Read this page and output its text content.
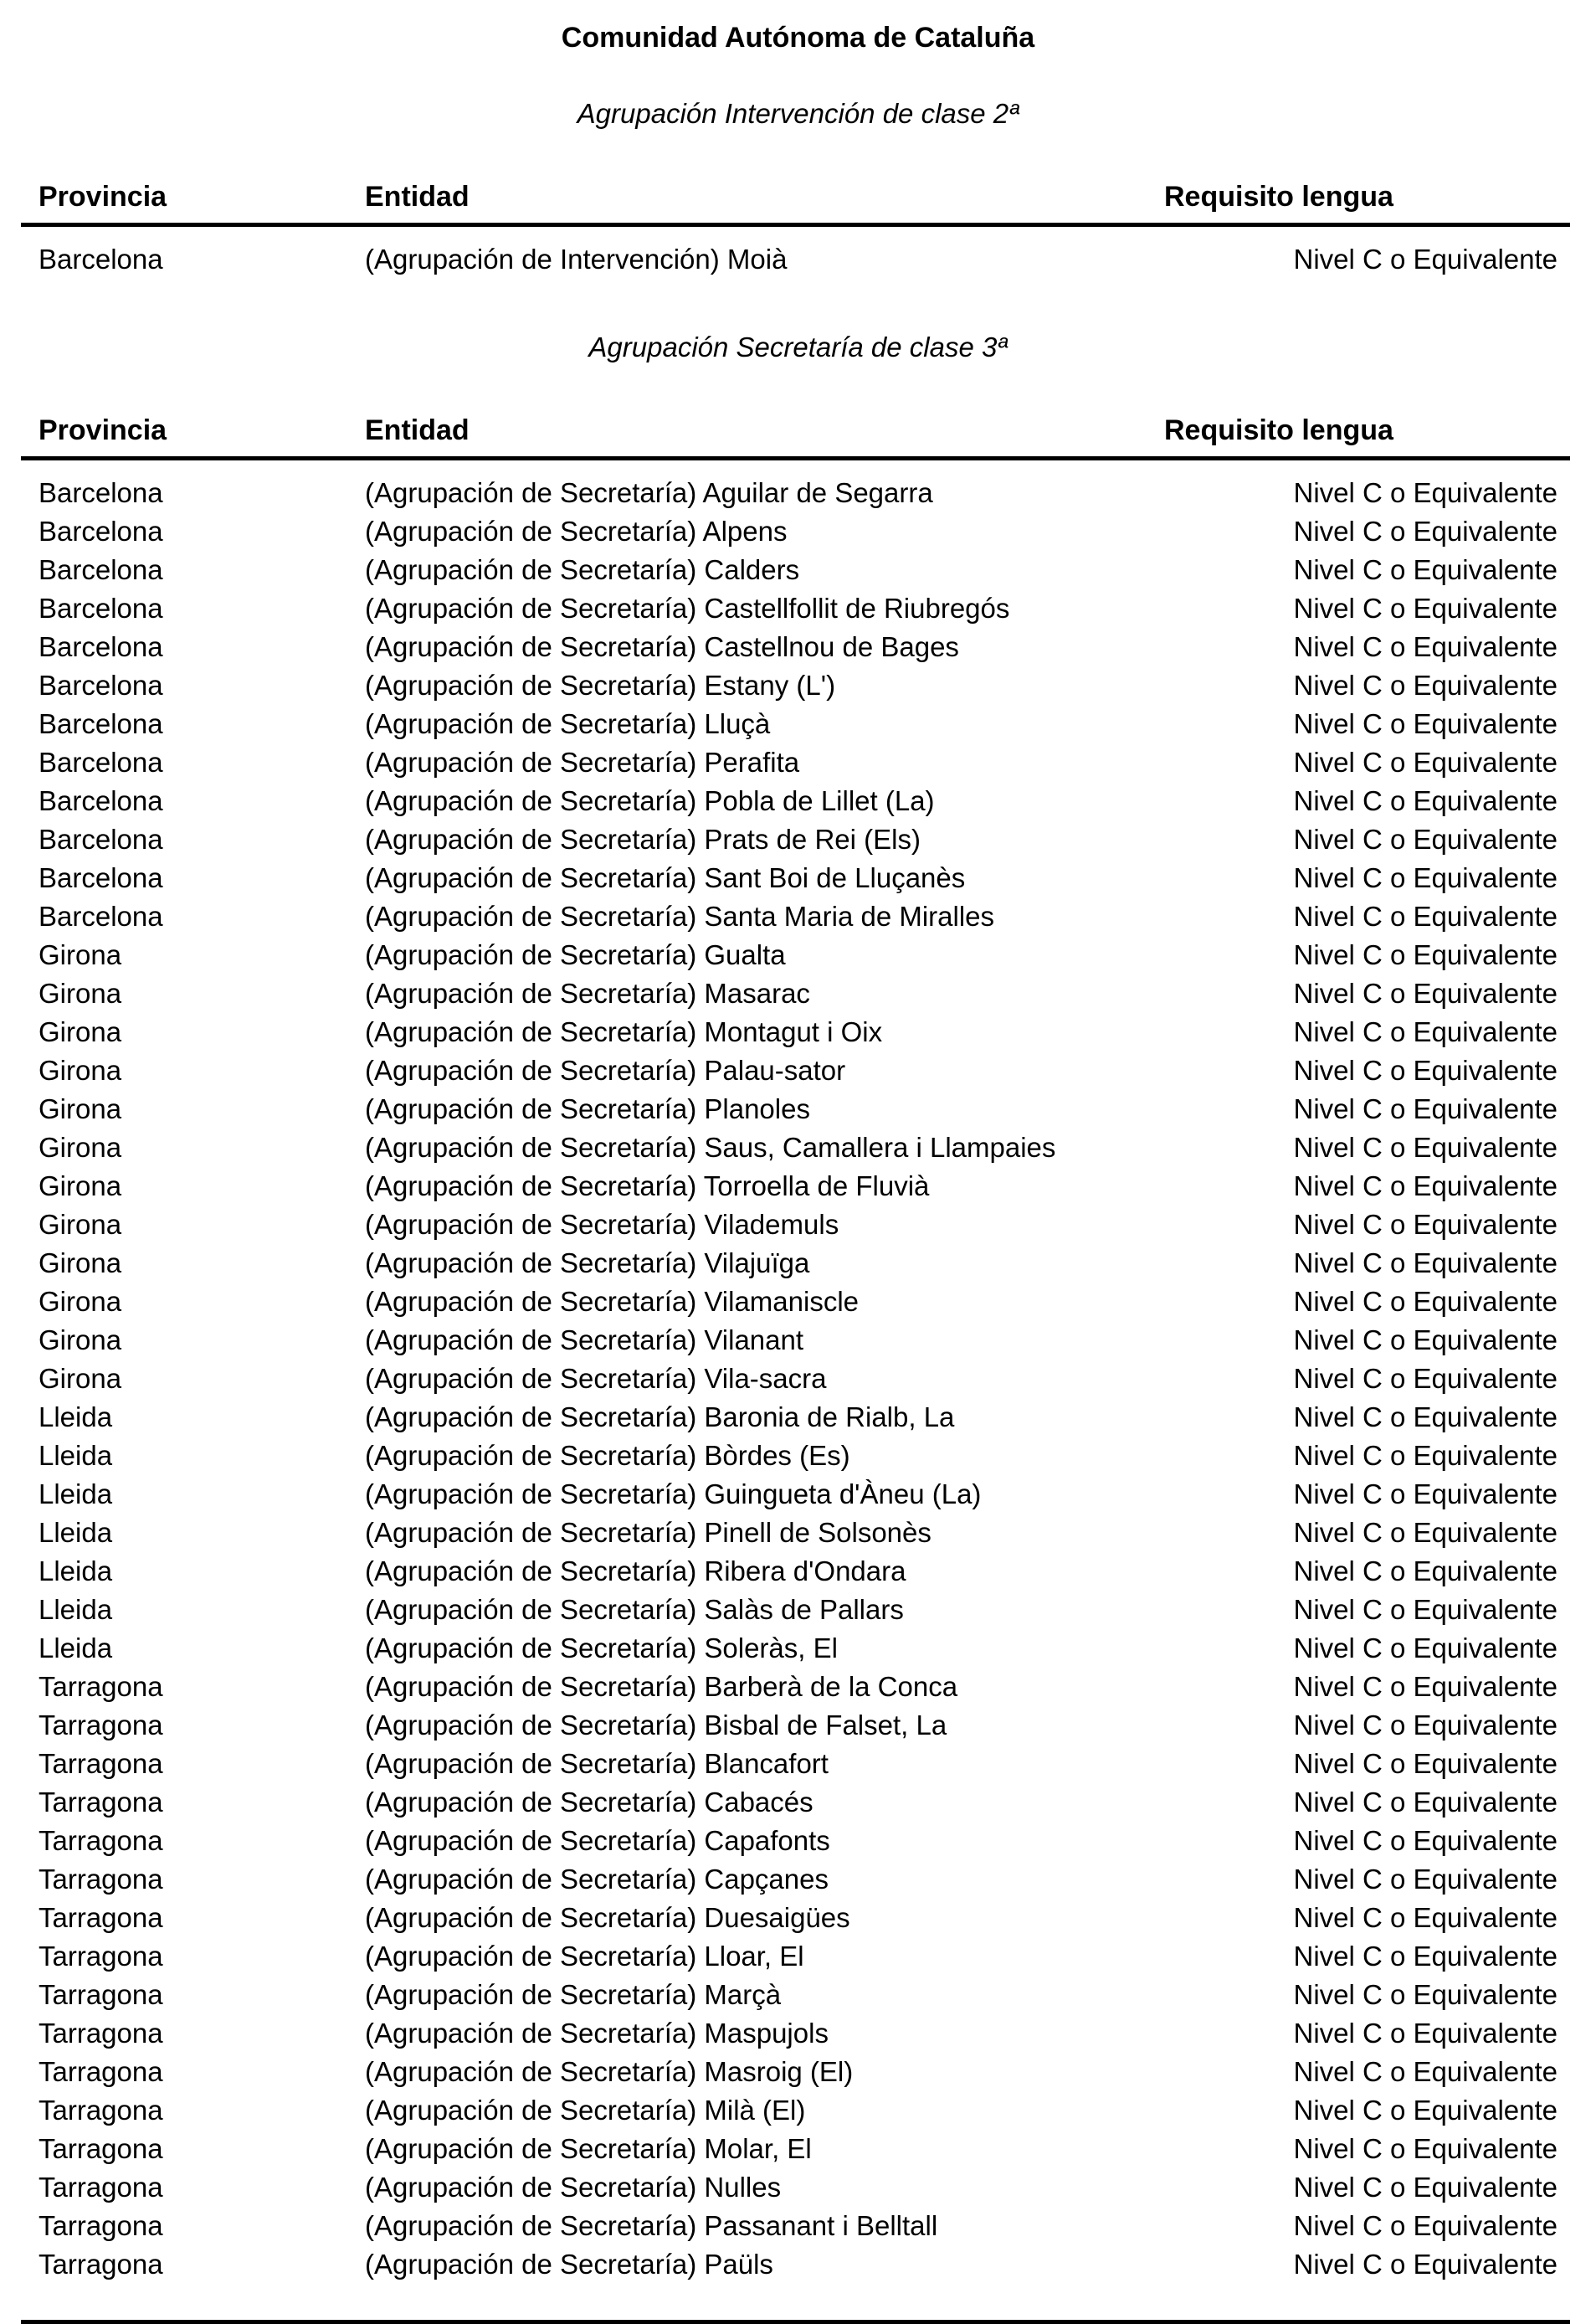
Comunidad Autónoma de Cataluña
Agrupación Intervención de clase 2ª
Provincia	Entidad	Requisito lengua
Barcelona	(Agrupación de Intervención) Moià	Nivel C o Equivalente
Agrupación Secretaría de clase 3ª
Provincia	Entidad	Requisito lengua
Barcelona	(Agrupación de Secretaría) Aguilar de Segarra	Nivel C o Equivalente
Barcelona	(Agrupación de Secretaría) Alpens	Nivel C o Equivalente
Barcelona	(Agrupación de Secretaría) Calders	Nivel C o Equivalente
Barcelona	(Agrupación de Secretaría) Castellfollit de Riubregós	Nivel C o Equivalente
Barcelona	(Agrupación de Secretaría) Castellnou de Bages	Nivel C o Equivalente
Barcelona	(Agrupación de Secretaría) Estany (L')	Nivel C o Equivalente
Barcelona	(Agrupación de Secretaría) Lluçà	Nivel C o Equivalente
Barcelona	(Agrupación de Secretaría) Perafita	Nivel C o Equivalente
Barcelona	(Agrupación de Secretaría) Pobla de Lillet (La)	Nivel C o Equivalente
Barcelona	(Agrupación de Secretaría) Prats de Rei (Els)	Nivel C o Equivalente
Barcelona	(Agrupación de Secretaría) Sant Boi de Lluçanès	Nivel C o Equivalente
Barcelona	(Agrupación de Secretaría) Santa Maria de Miralles	Nivel C o Equivalente
Girona	(Agrupación de Secretaría) Gualta	Nivel C o Equivalente
Girona	(Agrupación de Secretaría) Masarac	Nivel C o Equivalente
Girona	(Agrupación de Secretaría) Montagut i Oix	Nivel C o Equivalente
Girona	(Agrupación de Secretaría) Palau-sator	Nivel C o Equivalente
Girona	(Agrupación de Secretaría) Planoles	Nivel C o Equivalente
Girona	(Agrupación de Secretaría) Saus, Camallera i Llampaies	Nivel C o Equivalente
Girona	(Agrupación de Secretaría) Torroella de Fluvià	Nivel C o Equivalente
Girona	(Agrupación de Secretaría) Vilademuls	Nivel C o Equivalente
Girona	(Agrupación de Secretaría) Vilajuïga	Nivel C o Equivalente
Girona	(Agrupación de Secretaría) Vilamaniscle	Nivel C o Equivalente
Girona	(Agrupación de Secretaría) Vilanant	Nivel C o Equivalente
Girona	(Agrupación de Secretaría) Vila-sacra	Nivel C o Equivalente
Lleida	(Agrupación de Secretaría) Baronia de Rialb, La	Nivel C o Equivalente
Lleida	(Agrupación de Secretaría) Bòrdes (Es)	Nivel C o Equivalente
Lleida	(Agrupación de Secretaría) Guingueta d'Àneu (La)	Nivel C o Equivalente
Lleida	(Agrupación de Secretaría) Pinell de Solsonès	Nivel C o Equivalente
Lleida	(Agrupación de Secretaría) Ribera d'Ondara	Nivel C o Equivalente
Lleida	(Agrupación de Secretaría) Salàs de Pallars	Nivel C o Equivalente
Lleida	(Agrupación de Secretaría) Soleràs, El	Nivel C o Equivalente
Tarragona	(Agrupación de Secretaría) Barberà de la Conca	Nivel C o Equivalente
Tarragona	(Agrupación de Secretaría) Bisbal de Falset, La	Nivel C o Equivalente
Tarragona	(Agrupación de Secretaría) Blancafort	Nivel C o Equivalente
Tarragona	(Agrupación de Secretaría) Cabacés	Nivel C o Equivalente
Tarragona	(Agrupación de Secretaría) Capafonts	Nivel C o Equivalente
Tarragona	(Agrupación de Secretaría) Capçanes	Nivel C o Equivalente
Tarragona	(Agrupación de Secretaría) Duesaigües	Nivel C o Equivalente
Tarragona	(Agrupación de Secretaría) Lloar, El	Nivel C o Equivalente
Tarragona	(Agrupación de Secretaría) Marçà	Nivel C o Equivalente
Tarragona	(Agrupación de Secretaría) Maspujols	Nivel C o Equivalente
Tarragona	(Agrupación de Secretaría) Masroig (El)	Nivel C o Equivalente
Tarragona	(Agrupación de Secretaría) Milà (El)	Nivel C o Equivalente
Tarragona	(Agrupación de Secretaría) Molar, El	Nivel C o Equivalente
Tarragona	(Agrupación de Secretaría) Nulles	Nivel C o Equivalente
Tarragona	(Agrupación de Secretaría) Passanant i Belltall	Nivel C o Equivalente
Tarragona	(Agrupación de Secretaría) Paüls	Nivel C o Equivalente
